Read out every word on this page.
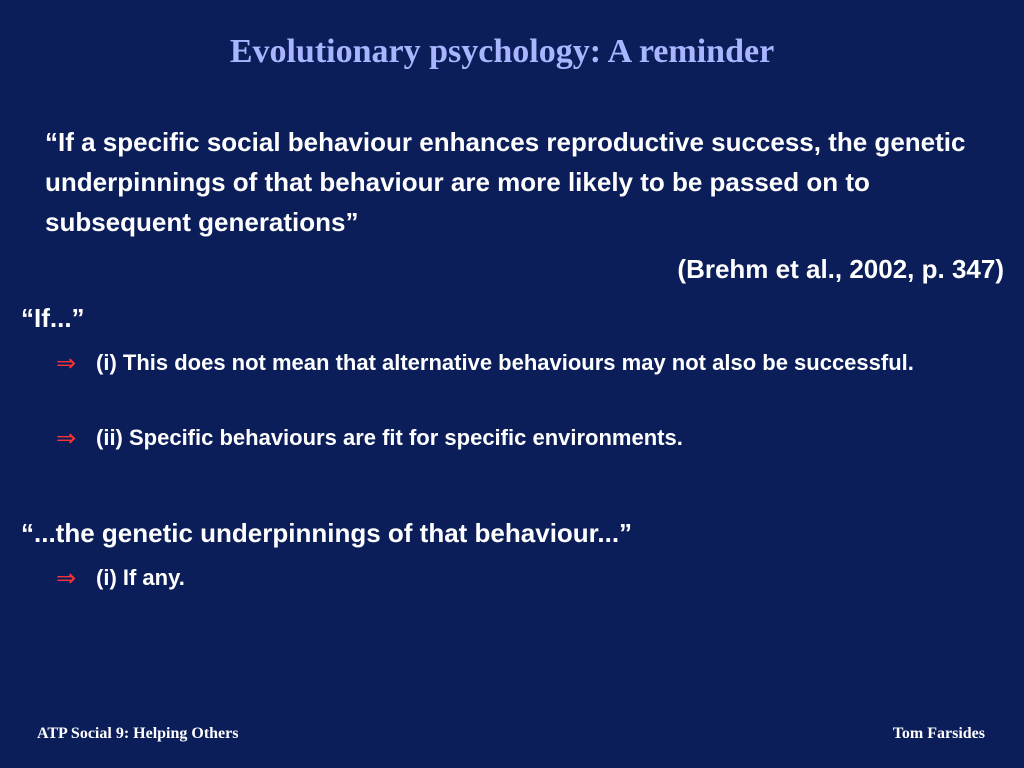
Evolutionary psychology: A reminder
“If a specific social behaviour enhances reproductive success, the genetic underpinnings of that behaviour are more likely to be passed on to subsequent generations”
(Brehm et al., 2002, p. 347)
“If...”
⇒ (i) This does not mean that alternative behaviours may not also be successful.
⇒ (ii) Specific behaviours are fit for specific environments.
“...the genetic underpinnings of that behaviour...”
⇒ (i) If any.
ATP Social 9: Helping Others	Tom Farsides
